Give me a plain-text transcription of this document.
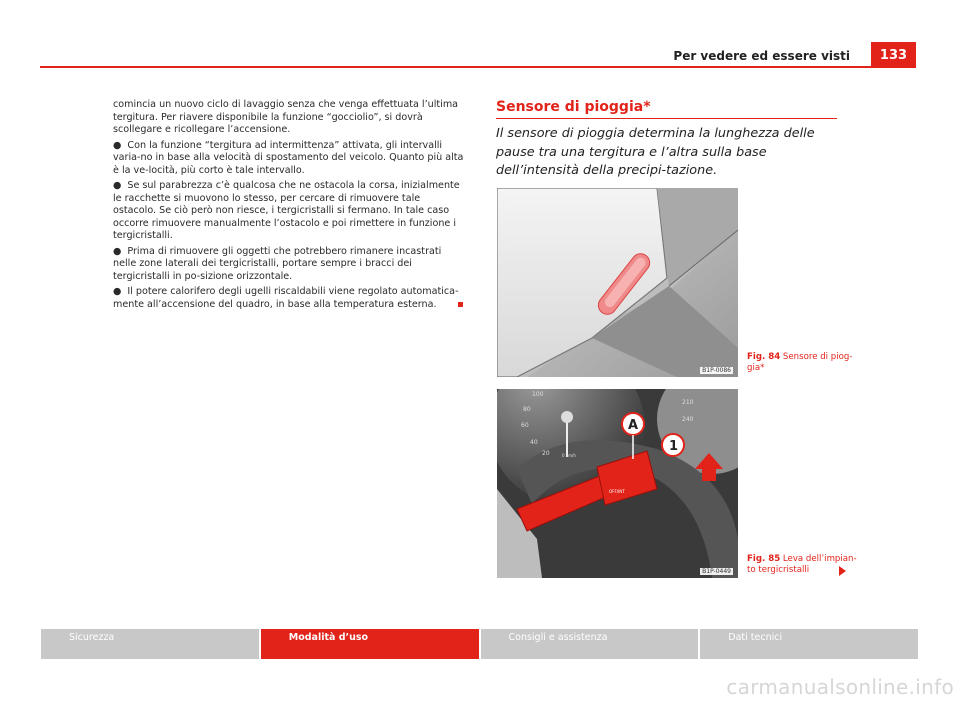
Per vedere ed essere visti	133

comincia un nuovo ciclo di lavaggio senza che venga effettuata l’ultima tergitura. Per riavere disponibile la funzione “gocciolio”, si dovrà scollegare e ricollegare l’accensione.

● Con la funzione “tergitura ad intermittenza” attivata, gli intervalli varia-no in base alla velocità di spostamento del veicolo. Quanto più alta è la ve-locità, più corto è tale intervallo.

● Se sul parabrezza c’è qualcosa che ne ostacola la corsa, inizialmente le racchette si muovono lo stesso, per cercare di rimuovere tale ostacolo. Se ciò però non riesce, i tergicristalli si fermano. In tale caso occorre rimuovere manualmente l’ostacolo e poi rimettere in funzione i tergicristalli.

● Prima di rimuovere gli oggetti che potrebbero rimanere incastrati nelle zone laterali dei tergicristalli, portare sempre i bracci dei tergicristalli in po-sizione orizzontale.

● Il potere calorifero degli ugelli riscaldabili viene regolato automatica-mente all’accensione del quadro, in base alla temperatura esterna.

Sensore di pioggia*

Il sensore di pioggia determina la lunghezza delle pause tra una tergitura e l’altra sulla base dell’intensità della precipi-tazione.

B1P-0086
Fig. 84 Sensore di piog-gia*
100
80
60
40
20
210
240
0 km/h
OFF/INT
A
1
B1P-0449
Fig. 85 Leva dell’impian-to tergicristalli
Sicurezza	Modalità d’uso	Consigli e assistenza	Dati tecnici
carmanualsonline.info
